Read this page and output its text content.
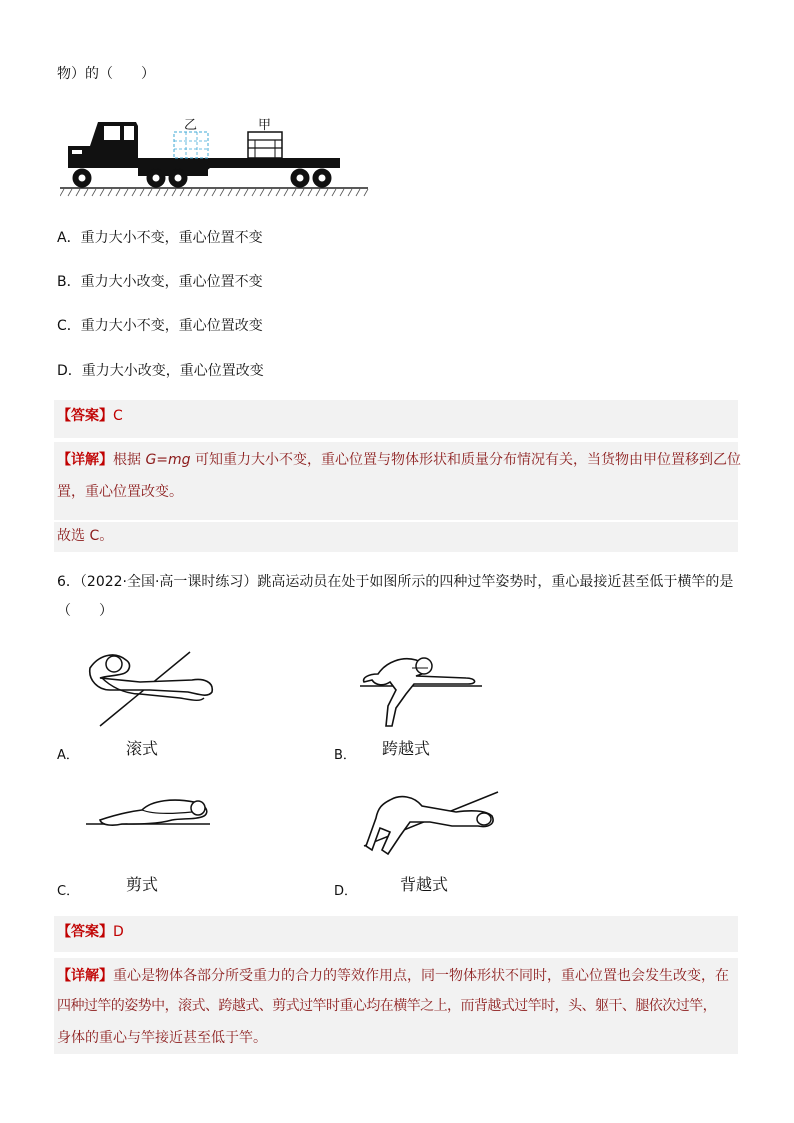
物）的（　　）
乙	甲
A．重力大小不变，重心位置不变
B．重力大小改变，重心位置不变
C．重力大小不变，重心位置改变
D．重力大小改变，重心位置改变
【答案】C
【详解】根据 G=mg 可知重力大小不变，重心位置与物体形状和质量分布情况有关，当货物由甲位置移到乙位
置，重心位置改变。
故选 C。
6．（2022·全国·高一课时练习）跳高运动员在处于如图所示的四种过竿姿势时，重心最接近甚至低于横竿的是
（　　）
A．	滚式	B． 跨越式
C．	剪式	D．	背越式
【答案】D
【详解】重心是物体各部分所受重力的合力的等效作用点，同一物体形状不同时，重心位置也会发生改变，在
四种过竿的姿势中，滚式、跨越式、剪式过竿时重心均在横竿之上，而背越式过竿时，头、躯干、腿依次过竿，
身体的重心与竿接近甚至低于竿。
